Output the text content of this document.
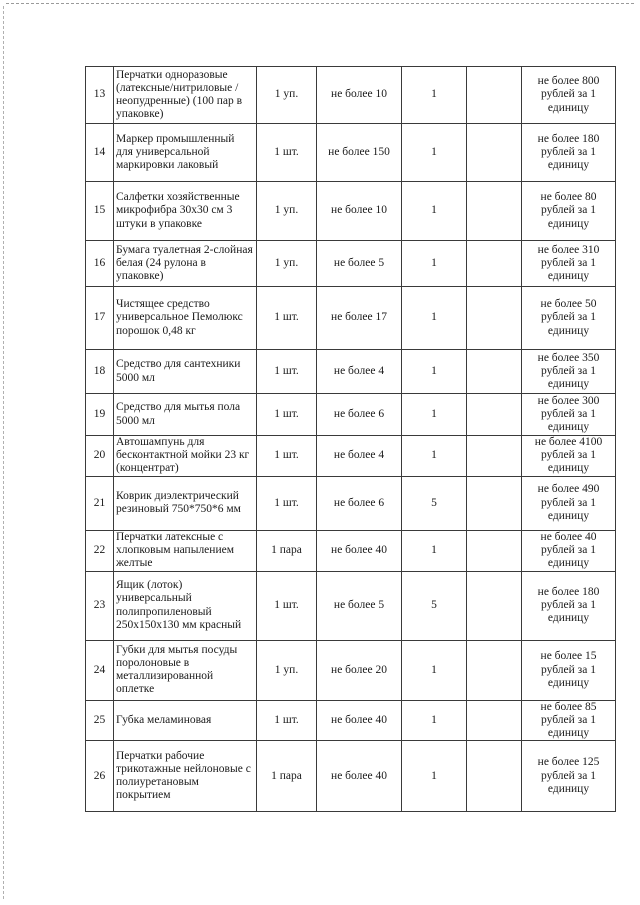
13	Перчатки одноразовые (латексные/нитриловые /неопудренные) (100 пар в упаковке)	1 уп.	не более 10	1		не более 800 рублей за 1 единицу
14	Маркер промышленный для универсальной маркировки лаковый	1 шт.	не более 150	1		не более 180 рублей за 1 единицу
15	Салфетки хозяйственные микрофибра 30х30 см 3 штуки в упаковке	1 уп.	не более 10	1		не более 80 рублей за 1 единицу
16	Бумага туалетная 2-слойная белая (24 рулона в упаковке)	1 уп.	не более 5	1		не более 310 рублей за 1 единицу
17	Чистящее средство универсальное Пемолюкс порошок 0,48 кг	1 шт.	не более 17	1		не более 50 рублей за 1 единицу
18	Средство для сантехники 5000 мл	1 шт.	не более 4	1		не более 350 рублей за 1 единицу
19	Средство для мытья пола 5000 мл	1 шт.	не более 6	1		не более 300 рублей за 1 единицу
20	Автошампунь для бесконтактной мойки 23 кг (концентрат)	1 шт.	не более 4	1		не более 4100 рублей за 1 единицу
21	Коврик диэлектрический резиновый 750*750*6 мм	1 шт.	не более 6	5		не более 490 рублей за 1 единицу
22	Перчатки латексные с хлопковым напылением желтые	1 пара	не более 40	1		не более 40 рублей за 1 единицу
23	Ящик (лоток) универсальный полипропиленовый 250х150х130 мм красный	1 шт.	не более 5	5		не более 180 рублей за 1 единицу
24	Губки для мытья посуды поролоновые в металлизированной оплетке	1 уп.	не более 20	1		не более 15 рублей за 1 единицу
25	Губка меламиновая	1 шт.	не более 40	1		не более 85 рублей за 1 единицу
26	Перчатки рабочие трикотажные нейлоновые с полиуретановым покрытием	1 пара	не более 40	1		не более 125 рублей за 1 единицу
